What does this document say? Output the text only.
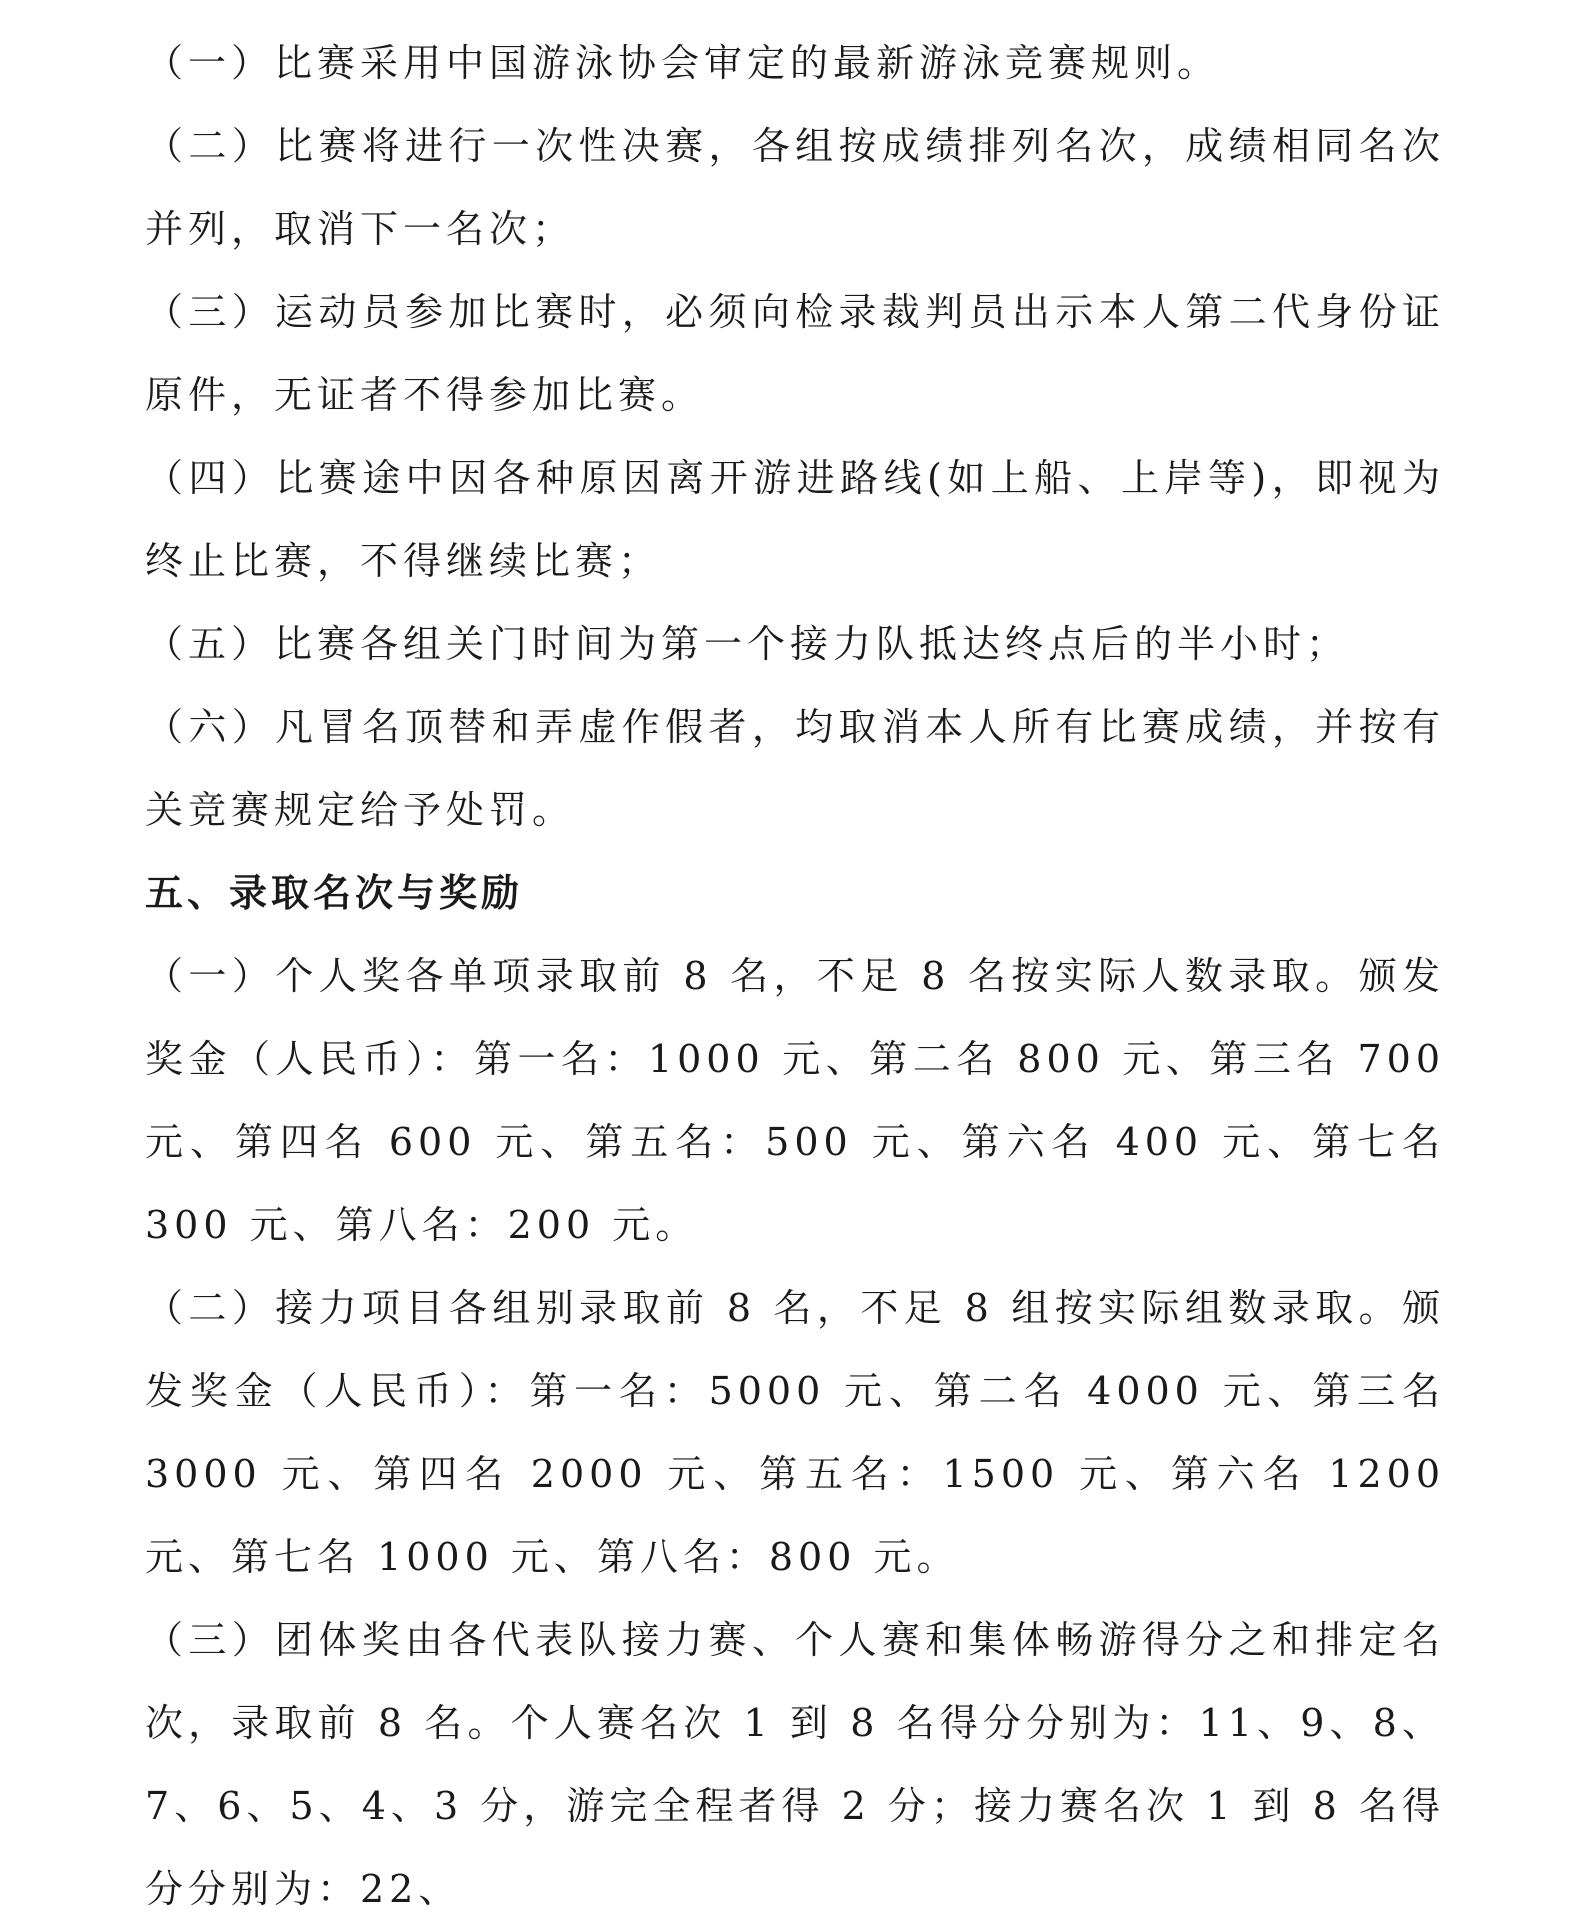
（一）比赛采用中国游泳协会审定的最新游泳竞赛规则。

（二）比赛将进行一次性决赛，各组按成绩排列名次，成绩相同名次并列，取消下一名次；

（三）运动员参加比赛时，必须向检录裁判员出示本人第二代身份证原件，无证者不得参加比赛。

（四）比赛途中因各种原因离开游进路线(如上船、上岸等)，即视为终止比赛，不得继续比赛；

（五）比赛各组关门时间为第一个接力队抵达终点后的半小时；

（六）凡冒名顶替和弄虚作假者，均取消本人所有比赛成绩，并按有关竞赛规定给予处罚。

五、录取名次与奖励

（一）个人奖各单项录取前 8 名，不足 8 名按实际人数录取。颁发奖金（人民币）：第一名：1000 元、第二名 800 元、第三名 700 元、第四名 600 元、第五名：500 元、第六名 400 元、第七名 300 元、第八名：200 元。

（二）接力项目各组别录取前 8 名，不足 8 组按实际组数录取。颁发奖金（人民币）：第一名：5000 元、第二名 4000 元、第三名 3000 元、第四名 2000 元、第五名：1500 元、第六名 1200 元、第七名 1000 元、第八名：800 元。

（三）团体奖由各代表队接力赛、个人赛和集体畅游得分之和排定名次，录取前 8 名。个人赛名次 1 到 8 名得分分别为：11、9、8、7、6、5、4、3 分，游完全程者得 2 分；接力赛名次 1 到 8 名得分分别为：22、
